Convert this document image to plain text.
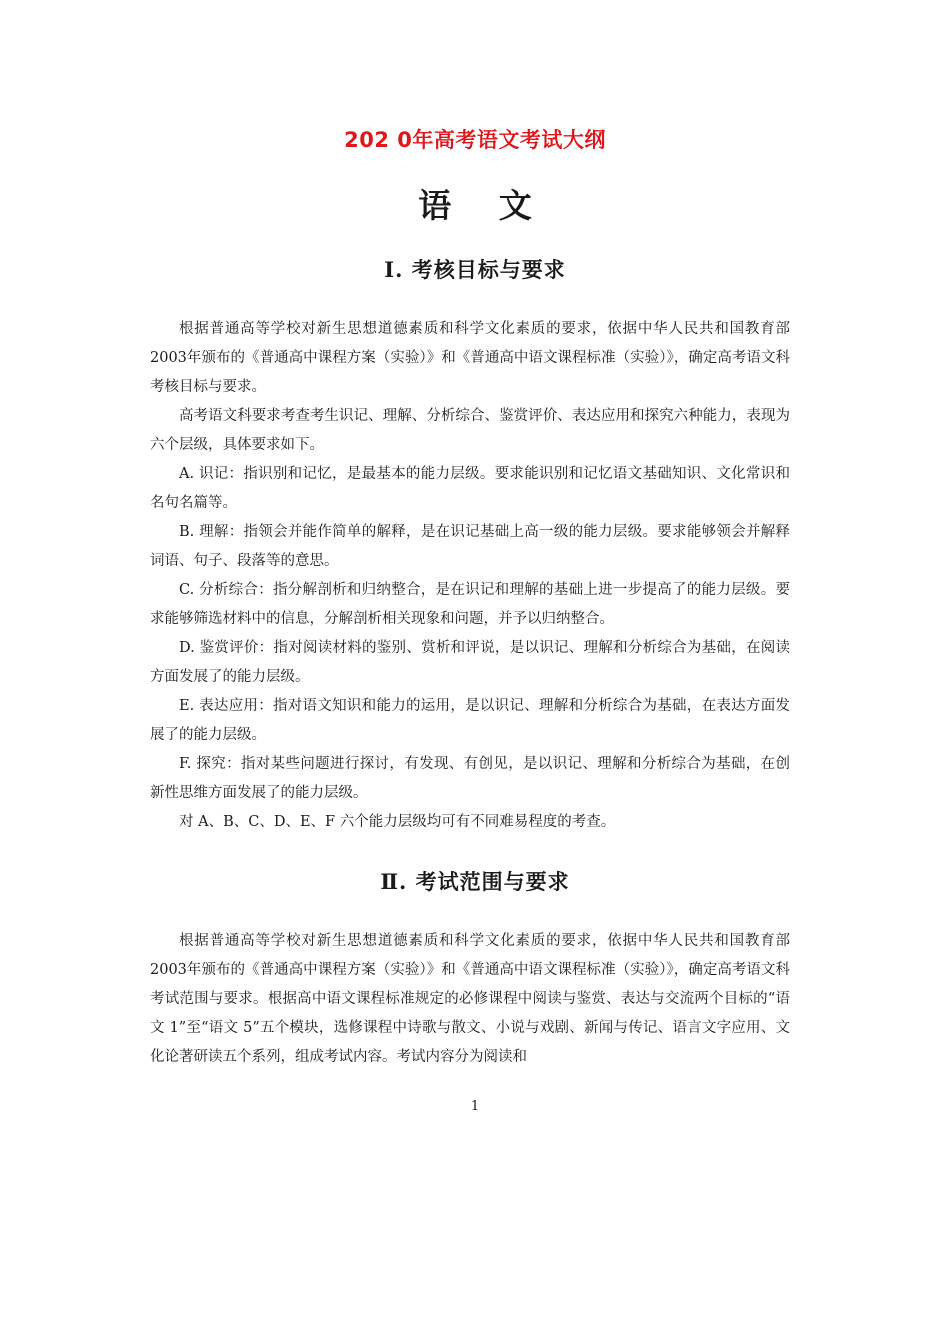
202 0年高考语文考试大纲
语 文
Ⅰ. 考核目标与要求

根据普通高等学校对新生思想道德素质和科学文化素质的要求，依据中华人民共和国教育部2003年颁布的《普通高中课程方案（实验）》和《普通高中语文课程标准（实验）》，确定高考语文科考核目标与要求。

高考语文科要求考查考生识记、理解、分析综合、鉴赏评价、表达应用和探究六种能力，表现为六个层级，具体要求如下。

A. 识记：指识别和记忆，是最基本的能力层级。要求能识别和记忆语文基础知识、文化常识和名句名篇等。

B. 理解：指领会并能作简单的解释，是在识记基础上高一级的能力层级。要求能够领会并解释词语、句子、段落等的意思。

C. 分析综合：指分解剖析和归纳整合，是在识记和理解的基础上进一步提高了的能力层级。要求能够筛选材料中的信息，分解剖析相关现象和问题，并予以归纳整合。

D. 鉴赏评价：指对阅读材料的鉴别、赏析和评说，是以识记、理解和分析综合为基础，在阅读方面发展了的能力层级。

E. 表达应用：指对语文知识和能力的运用，是以识记、理解和分析综合为基础，在表达方面发展了的能力层级。

F. 探究：指对某些问题进行探讨，有发现、有创见，是以识记、理解和分析综合为基础，在创新性思维方面发展了的能力层级。

对 A、B、C、D、E、F 六个能力层级均可有不同难易程度的考查。

Ⅱ. 考试范围与要求

根据普通高等学校对新生思想道德素质和科学文化素质的要求，依据中华人民共和国教育部2003年颁布的《普通高中课程方案（实验）》和《普通高中语文课程标准（实验）》，确定高考语文科考试范围与要求。根据高中语文课程标准规定的必修课程中阅读与鉴赏、表达与交流两个目标的“语文 1”至“语文 5”五个模块，选修课程中诗歌与散文、小说与戏剧、新闻与传记、语言文字应用、文化论著研读五个系列，组成考试内容。考试内容分为阅读和

1
